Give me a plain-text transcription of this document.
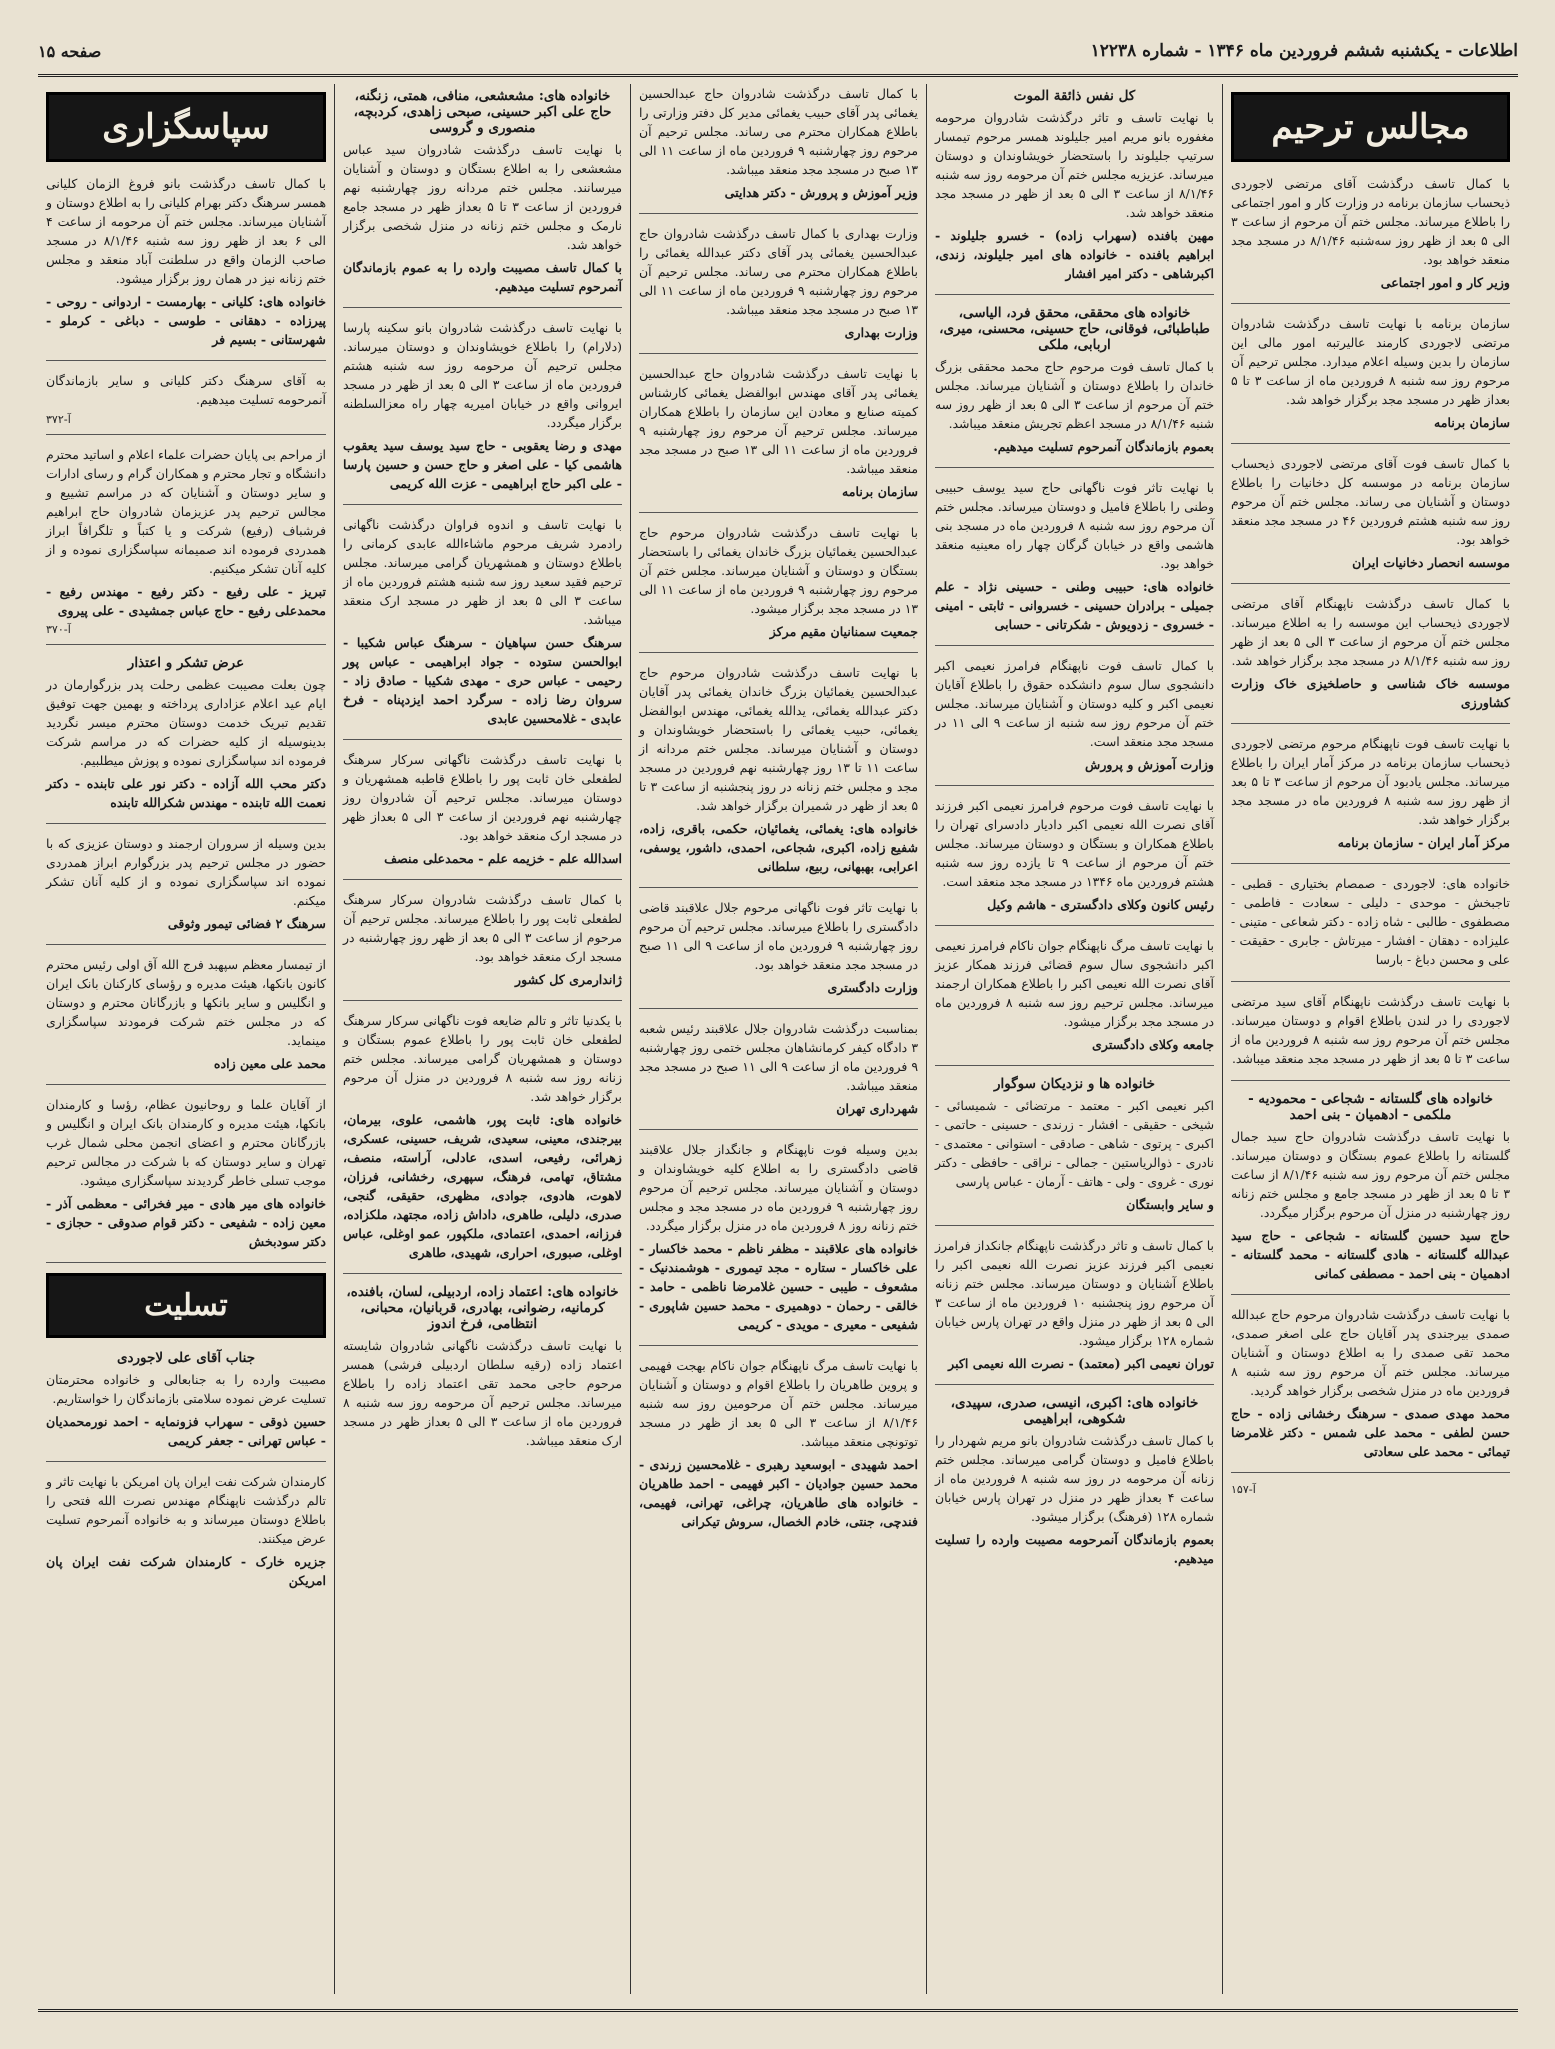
اطلاعات - یکشنبه ششم فروردین ماه ۱۳۴۶ - شماره ۱۲۲۳۸
صفحه ۱۵
مجالس ترحیم

با کمال تاسف درگذشت آقای مرتضی لاجوردی ذیحساب سازمان برنامه در وزارت کار و امور اجتماعی را باطلاع میرساند. مجلس ختم آن مرحوم از ساعت ۳ الی ۵ بعد از ظهر روز سه‌شنبه ۸/۱/۴۶ در مسجد مجد منعقد خواهد بود.

وزیر کار و امور اجتماعی

سازمان برنامه با نهایت تاسف درگذشت شادروان مرتضی لاجوردی کارمند عالیرتبه امور مالی این سازمان را بدین وسیله اعلام میدارد. مجلس ترحیم آن مرحوم روز سه شنبه ۸ فروردین ماه از ساعت ۳ تا ۵ بعداز ظهر در مسجد مجد برگزار خواهد شد.

سازمان برنامه

با کمال تاسف فوت آقای مرتضی لاجوردی ذیحساب سازمان برنامه در موسسه کل دخانیات را باطلاع دوستان و آشنایان می رساند. مجلس ختم آن مرحوم روز سه شنبه هشتم فروردین ۴۶ در مسجد مجد منعقد خواهد بود.

موسسه انحصار دخانیات ایران

با کمال تاسف درگذشت ناپهنگام آقای مرتضی لاجوردی ذیحساب این موسسه را به اطلاع میرساند. مجلس ختم آن مرحوم از ساعت ۳ الی ۵ بعد از ظهر روز سه شنبه ۸/۱/۴۶ در مسجد مجد برگزار خواهد شد.

موسسه خاک شناسی و حاصلخیزی خاک وزارت کشاورزی

با نهایت تاسف فوت ناپهنگام مرحوم مرتضی لاجوردی ذیحساب سازمان برنامه در مرکز آمار ایران را باطلاع میرساند. مجلس یادبود آن مرحوم از ساعت ۳ تا ۵ بعد از ظهر روز سه شنبه ۸ فروردین ماه در مسجد مجد برگزار خواهد شد.

مرکز آمار ایران - سازمان برنامه

خانواده های: لاجوردی - صمصام بختیاری - قطبی - تاجبخش - موحدی - دلیلی - سعادت - فاطمی - مصطفوی - طالبی - شاه زاده - دکتر شعاعی - متینی - علیزاده - دهقان - افشار - میرتاش - جابری - حقیقت - علی و محسن دباغ - بارسا

با نهایت تاسف درگذشت ناپهنگام آقای سید مرتضی لاجوردی را در لندن باطلاع اقوام و دوستان میرساند. مجلس ختم آن مرحوم روز سه شنبه ۸ فروردین ماه از ساعت ۳ تا ۵ بعد از ظهر در مسجد مجد منعقد میباشد.

خانواده های گلستانه - شجاعی - محمودیه - ملکمی - ادهمیان - بنی احمد

با نهایت تاسف درگذشت شادروان حاج سید جمال گلستانه را باطلاع عموم بستگان و دوستان میرساند. مجلس ختم آن مرحوم روز سه شنبه ۸/۱/۴۶ از ساعت ۳ تا ۵ بعد از ظهر در مسجد جامع و مجلس ختم زنانه روز چهارشنبه در منزل آن مرحوم برگزار میگردد.

حاج سید حسین گلستانه - شجاعی - حاج سید عبدالله گلستانه - هادی گلستانه - محمد گلستانه - ادهمیان - بنی احمد - مصطفی کمانی

با نهایت تاسف درگذشت شادروان مرحوم حاج عبدالله صمدی بیرجندی پدر آقایان حاج علی اصغر صمدی، محمد تقی صمدی را به اطلاع دوستان و آشنایان میرساند. مجلس ختم آن مرحوم روز سه شنبه ۸ فروردین ماه در منزل شخصی برگزار خواهد گردید.

محمد مهدی صمدی - سرهنگ رخشانی زاده - حاج حسن لطفی - محمد علی شمس - دکتر غلامرضا تیمائی - محمد علی سعادتی
آ-۱۵۷
کل نفس ذائقة الموت

با نهایت تاسف و تاثر درگذشت شادروان مرحومه مغفوره بانو مریم امیر جلیلوند همسر مرحوم تیمسار سرتیپ جلیلوند را باستحضار خویشاوندان و دوستان میرساند. عزیزیه مجلس ختم آن مرحومه روز سه شنبه ۸/۱/۴۶ از ساعت ۳ الی ۵ بعد از ظهر در مسجد مجد منعقد خواهد شد.

مهین بافنده (سهراب زاده) - خسرو جلیلوند - ابراهیم بافنده - خانواده های امیر جلیلوند، زندی، اکبرشاهی - دکتر امیر افشار
خانواده های محققی، محقق فرد، الیاسی، طباطبائی، فوقانی، حاج حسینی، محسنی، میری، اربابی، ملکی

با کمال تاسف فوت مرحوم حاج محمد محققی بزرگ خاندان را باطلاع دوستان و آشنایان میرساند. مجلس ختم آن مرحوم از ساعت ۳ الی ۵ بعد از ظهر روز سه شنبه ۸/۱/۴۶ در مسجد اعظم تجریش منعقد میباشد.

بعموم بازماندگان آنمرحوم تسلیت میدهیم.

با نهایت تاثر فوت ناگهانی حاج سید یوسف حبیبی وطنی را باطلاع فامیل و دوستان میرساند. مجلس ختم آن مرحوم روز سه شنبه ۸ فروردین ماه در مسجد بنی هاشمی واقع در خیابان گرگان چهار راه معینیه منعقد خواهد بود.

خانواده های: حبیبی وطنی - حسینی نژاد - علم جمیلی - برادران حسینی - خسروانی - ثابتی - امینی - خسروی - زدویوش - شکرتانی - حسابی

با کمال تاسف فوت ناپهنگام فرامرز نعیمی اکبر دانشجوی سال سوم دانشکده حقوق را باطلاع آقایان نعیمی اکبر و کلیه دوستان و آشنایان میرساند. مجلس ختم آن مرحوم روز سه شنبه از ساعت ۹ الی ۱۱ در مسجد مجد منعقد است.

وزارت آموزش و پرورش

با نهایت تاسف فوت مرحوم فرامرز نعیمی اکبر فرزند آقای نصرت الله نعیمی اکبر دادیار دادسرای تهران را باطلاع همکاران و بستگان و دوستان میرساند. مجلس ختم آن مرحوم از ساعت ۹ تا یازده روز سه شنبه هشتم فروردین ماه ۱۳۴۶ در مسجد مجد منعقد است.

رئیس کانون وکلای دادگستری - هاشم وکیل

با نهایت تاسف مرگ ناپهنگام جوان ناکام فرامرز نعیمی اکبر دانشجوی سال سوم قضائی فرزند همکار عزیز آقای نصرت الله نعیمی اکبر را باطلاع همکاران ارجمند میرساند. مجلس ترحیم روز سه شنبه ۸ فروردین ماه در مسجد مجد برگزار میشود.

جامعه وکلای دادگستری
خانواده ها و نزدیکان سوگوار

اکبر نعیمی اکبر - معتمد - مرتضائی - شمیسائی - شیخی - حقیقی - افشار - زرندی - حسینی - حاتمی - اکبری - پرتوی - شاهی - صادقی - استوانی - معتمدی - نادری - ذوالریاستین - جمالی - نراقی - حافظی - دکتر نوری - غروی - ولی - هاتف - آرمان - عباس پارسی

و سایر وابستگان

با کمال تاسف و تاثر درگذشت ناپهنگام جانکداز فرامرز نعیمی اکبر فرزند عزیز نصرت الله نعیمی اکبر را باطلاع آشنایان و دوستان میرساند. مجلس ختم زنانه آن مرحوم روز پنجشنبه ۱۰ فروردین ماه از ساعت ۳ الی ۵ بعد از ظهر در منزل واقع در تهران پارس خیابان شماره ۱۲۸ برگزار میشود.

توران نعیمی اکبر (معتمد) - نصرت الله نعیمی اکبر
خانواده های: اکبری، انیسی، صدری، سپیدی، شکوهی، ابراهیمی

با کمال تاسف درگذشت شادروان بانو مریم شهردار را باطلاع فامیل و دوستان گرامی میرساند. مجلس ختم زنانه آن مرحومه در روز سه شنبه ۸ فروردین ماه از ساعت ۴ بعداز ظهر در منزل در تهران پارس خیابان شماره ۱۲۸ (فرهنگ) برگزار میشود.

بعموم بازماندگان آنمرحومه مصیبت وارده را تسلیت میدهیم.

با کمال تاسف درگذشت شادروان حاج عبدالحسین یغمائی پدر آقای حبیب یغمائی مدیر کل دفتر وزارتی را باطلاع همکاران محترم می رساند. مجلس ترحیم آن مرحوم روز چهارشنبه ۹ فروردین ماه از ساعت ۱۱ الی ۱۳ صبح در مسجد مجد منعقد میباشد.

وزیر آموزش و پرورش - دکتر هدایتی

وزارت بهداری با کمال تاسف درگذشت شادروان حاج عبدالحسین یغمائی پدر آقای دکتر عبدالله یغمائی را باطلاع همکاران محترم می رساند. مجلس ترحیم آن مرحوم روز چهارشنبه ۹ فروردین ماه از ساعت ۱۱ الی ۱۳ صبح در مسجد مجد منعقد میباشد.

وزارت بهداری

با نهایت تاسف درگذشت شادروان حاج عبدالحسین یغمائی پدر آقای مهندس ابوالفضل یغمائی کارشناس کمیته صنایع و معادن این سازمان را باطلاع همکاران میرساند. مجلس ترحیم آن مرحوم روز چهارشنبه ۹ فروردین ماه از ساعت ۱۱ الی ۱۳ صبح در مسجد مجد منعقد میباشد.

سازمان برنامه

با نهایت تاسف درگذشت شادروان مرحوم حاج عبدالحسین یغمائیان بزرگ خاندان یغمائی را باستحضار بستگان و دوستان و آشنایان میرساند. مجلس ختم آن مرحوم روز چهارشنبه ۹ فروردین ماه از ساعت ۱۱ الی ۱۳ در مسجد مجد برگزار میشود.

جمعیت سمنانیان مقیم مرکز

با نهایت تاسف درگذشت شادروان مرحوم حاج عبدالحسین یغمائیان بزرگ خاندان یغمائی پدر آقایان دکتر عبدالله یغمائی، یدالله یغمائی، مهندس ابوالفضل یغمائی، حبیب یغمائی را باستحضار خویشاوندان و دوستان و آشنایان میرساند. مجلس ختم مردانه از ساعت ۱۱ تا ۱۳ روز چهارشنبه نهم فروردین در مسجد مجد و مجلس ختم زنانه در روز پنجشنبه از ساعت ۳ تا ۵ بعد از ظهر در شمیران برگزار خواهد شد.

خانواده های: یغمائی، یغمائیان، حکمی، باقری، زاده، شفیع زاده، اکبری، شجاعی، احمدی، داشور، یوسفی، اعرابی، بهبهانی، ربیع، سلطانی

با نهایت تاثر فوت ناگهانی مرحوم جلال علاقبند قاضی دادگستری را باطلاع میرساند. مجلس ترحیم آن مرحوم روز چهارشنبه ۹ فروردین ماه از ساعت ۹ الی ۱۱ صبح در مسجد مجد منعقد خواهد بود.

وزارت دادگستری

بمناسبت درگذشت شادروان جلال علاقبند رئیس شعبه ۳ دادگاه کیفر کرمانشاهان مجلس ختمی روز چهارشنبه ۹ فروردین ماه از ساعت ۹ الی ۱۱ صبح در مسجد مجد منعقد میباشد.

شهرداری تهران

بدین وسیله فوت ناپهنگام و جانگداز جلال علاقبند قاضی دادگستری را به اطلاع کلیه خویشاوندان و دوستان و آشنایان میرساند. مجلس ترحیم آن مرحوم روز چهارشنبه ۹ فروردین ماه در مسجد مجد و مجلس ختم زنانه روز ۸ فروردین ماه در منزل برگزار میگردد.

خانواده های علاقبند - مظفر ناظم - محمد خاکسار - علی خاکسار - ستاره - مجد تیموری - هوشمندنیک - مشعوف - طیبی - حسین غلامرضا ناظمی - حامد - خالقی - رحمان - دوهمیری - محمد حسین شاپوری - شفیعی - معیری - مویدی - کریمی

با نهایت تاسف مرگ ناپهنگام جوان ناکام بهجت فهیمی و پروین طاهریان را باطلاع اقوام و دوستان و آشنایان میرساند. مجلس ختم آن مرحومین روز سه شنبه ۸/۱/۴۶ از ساعت ۳ الی ۵ بعد از ظهر در مسجد توتونچی منعقد میباشد.

احمد شهیدی - ابوسعید رهبری - غلامحسین زرندی - محمد حسین جوادیان - اکبر فهیمی - احمد طاهریان - خانواده های طاهریان، چراغی، تهرانی، فهیمی، فندچی، جنتی، خادم الخصال، سروش تیکرانی
خانواده های: مشعشعی، منافی، همتی، زنگنه، حاج علی اکبر حسینی، صبحی زاهدی، کردبچه، منصوری و گروسی

با نهایت تاسف درگذشت شادروان سید عباس مشعشعی را به اطلاع بستگان و دوستان و آشنایان میرسانند. مجلس ختم مردانه روز چهارشنبه نهم فروردین از ساعت ۳ تا ۵ بعداز ظهر در مسجد جامع نارمک و مجلس ختم زنانه در منزل شخصی برگزار خواهد شد.

با کمال تاسف مصیبت وارده را به عموم بازماندگان آنمرحوم تسلیت میدهیم.

با نهایت تاسف درگذشت شادروان بانو سکینه پارسا (دلارام) را باطلاع خویشاوندان و دوستان میرساند. مجلس ترحیم آن مرحومه روز سه شنبه هشتم فروردین ماه از ساعت ۳ الی ۵ بعد از ظهر در مسجد ایروانی واقع در خیابان امیریه چهار راه معزالسلطنه برگزار میگردد.

مهدی و رضا یعقوبی - حاج سید یوسف سید یعقوب هاشمی کیا - علی اصغر و حاج حسن و حسین پارسا - علی اکبر حاج ابراهیمی - عزت الله کریمی

با نهایت تاسف و اندوه فراوان درگذشت ناگهانی رادمرد شریف مرحوم ماشاءالله عابدی کرمانی را باطلاع دوستان و همشهریان گرامی میرساند. مجلس ترحیم فقید سعید روز سه شنبه هشتم فروردین ماه از ساعت ۳ الی ۵ بعد از ظهر در مسجد ارک منعقد میباشد.

سرهنگ حسن سپاهیان - سرهنگ عباس شکیبا - ابوالحسن ستوده - جواد ابراهیمی - عباس پور رحیمی - عباس حری - مهدی شکیبا - صادق زاد - سروان رضا زاده - سرگرد احمد ایزدپناه - فرخ عابدی - غلامحسین عابدی

با نهایت تاسف درگذشت ناگهانی سرکار سرهنگ لطفعلی خان ثابت پور را باطلاع قاطبه همشهریان و دوستان میرساند. مجلس ترحیم آن شادروان روز چهارشنبه نهم فروردین از ساعت ۳ الی ۵ بعداز ظهر در مسجد ارک منعقد خواهد بود.

اسدالله علم - خزیمه علم - محمدعلی منصف

با کمال تاسف درگذشت شادروان سرکار سرهنگ لطفعلی ثابت پور را باطلاع میرساند. مجلس ترحیم آن مرحوم از ساعت ۳ الی ۵ بعد از ظهر روز چهارشنبه در مسجد ارک منعقد خواهد بود.

ژاندارمری کل کشور

با یکدنیا تاثر و تالم ضایعه فوت ناگهانی سرکار سرهنگ لطفعلی خان ثابت پور را باطلاع عموم بستگان و دوستان و همشهریان گرامی میرساند. مجلس ختم زنانه روز سه شنبه ۸ فروردین در منزل آن مرحوم برگزار خواهد شد.

خانواده های: ثابت پور، هاشمی، علوی، بیرمان، بیرجندی، معینی، سعیدی، شریف، حسینی، عسکری، زهرائی، رفیعی، اسدی، عادلی، آراسته، منصف، مشتاق، تهامی، فرهنگ، سپهری، رخشانی، فرزان، لاهوت، هادوی، جوادی، مظهری، حقیقی، گنجی، صدری، دلیلی، طاهری، داداش زاده، مجتهد، ملکزاده، فرزانه، احمدی، اعتمادی، ملکپور، عمو اوغلی، عباس اوغلی، صبوری، احراری، شهیدی، طاهری
خانواده های: اعتماد زاده، اردبیلی، لسان، بافنده، کرمانیه، رضوانی، بهادری، قربانیان، محبانی، انتظامی، فرخ اندوز

با نهایت تاسف درگذشت ناگهانی شادروان شایسته اعتماد زاده (رقیه سلطان اردبیلی فرشی) همسر مرحوم حاجی محمد تقی اعتماد زاده را باطلاع میرساند. مجلس ترحیم آن مرحومه روز سه شنبه ۸ فروردین ماه از ساعت ۳ الی ۵ بعداز ظهر در مسجد ارک منعقد میباشد.

سپاسگزاری

با کمال تاسف درگذشت بانو فروغ الزمان کلیانی همسر سرهنگ دکتر بهرام کلیانی را به اطلاع دوستان و آشنایان میرساند. مجلس ختم آن مرحومه از ساعت ۴ الی ۶ بعد از ظهر روز سه شنبه ۸/۱/۴۶ در مسجد صاحب الزمان واقع در سلطنت آباد منعقد و مجلس ختم زنانه نیز در همان روز برگزار میشود.

خانواده های: کلیانی - بهارمست - اردوانی - روحی - پیرزاده - دهقانی - طوسی - دباغی - کرملو - شهرستانی - بسیم فر

به آقای سرهنگ دکتر کلیانی و سایر بازماندگان آنمرحومه تسلیت میدهیم.

آ-۳۷۲

از مراحم بی پایان حضرات علماء اعلام و اساتید محترم دانشگاه و تجار محترم و همکاران گرام و رسای ادارات و سایر دوستان و آشنایان که در مراسم تشییع و مجالس ترحیم پدر عزیزمان شادروان حاج ابراهیم فرشباف (رفیع) شرکت و یا کتباً و تلگرافاً ابراز همدردی فرموده اند صمیمانه سپاسگزاری نموده و از کلیه آنان تشکر میکنیم.

تبریز - علی رفیع - دکتر رفیع - مهندس رفیع - محمدعلی رفیع - حاج عباس جمشیدی - علی پیروی
آ-۳۷۰
عرض تشکر و اعتذار

چون بعلت مصیبت عظمی رحلت پدر بزرگوارمان در ایام عید اعلام عزاداری پرداخته و بهمین جهت توفیق تقدیم تبریک خدمت دوستان محترم میسر نگردید بدینوسیله از کلیه حضرات که در مراسم شرکت فرموده اند سپاسگزاری نموده و پوزش میطلبیم.

دکتر محب الله آزاده - دکتر نور علی تابنده - دکتر نعمت الله تابنده - مهندس شکرالله تابنده

بدین وسیله از سروران ارجمند و دوستان عزیزی که با حضور در مجلس ترحیم پدر بزرگوارم ابراز همدردی نموده اند سپاسگزاری نموده و از کلیه آنان تشکر میکنم.

سرهنگ ۲ فضائی تیمور وثوقی

از تیمسار معظم سپهبد فرج الله آق اولی رئیس محترم کانون بانکها، هیئت مدیره و رؤسای کارکنان بانک ایران و انگلیس و سایر بانکها و بازرگانان محترم و دوستان که در مجلس ختم شرکت فرمودند سپاسگزاری مینماید.

محمد علی معین زاده

از آقایان علما و روحانیون عظام، رؤسا و کارمندان بانکها، هیئت مدیره و کارمندان بانک ایران و انگلیس و بازرگانان محترم و اعضای انجمن محلی شمال غرب تهران و سایر دوستان که با شرکت در مجالس ترحیم موجب تسلی خاطر گردیدند سپاسگزاری میشود.

خانواده های میر هادی - میر فخرائی - معظمی آذر - معین زاده - شفیعی - دکتر قوام صدوقی - حجازی - دکتر سودبخش
تسلیت
جناب آقای علی لاجوردی

مصیبت وارده را به جنابعالی و خانواده محترمتان تسلیت عرض نموده سلامتی بازماندگان را خواستاریم.

حسین ذوقی - سهراب فزونمایه - احمد نورمحمدیان - عباس تهرانی - جعفر کریمی

کارمندان شرکت نفت ایران پان امریکن با نهایت تاثر و تالم درگذشت ناپهنگام مهندس نصرت الله فتحی را باطلاع دوستان میرساند و به خانواده آنمرحوم تسلیت عرض میکنند.

جزیره خارک - کارمندان شرکت نفت ایران پان امریکن
